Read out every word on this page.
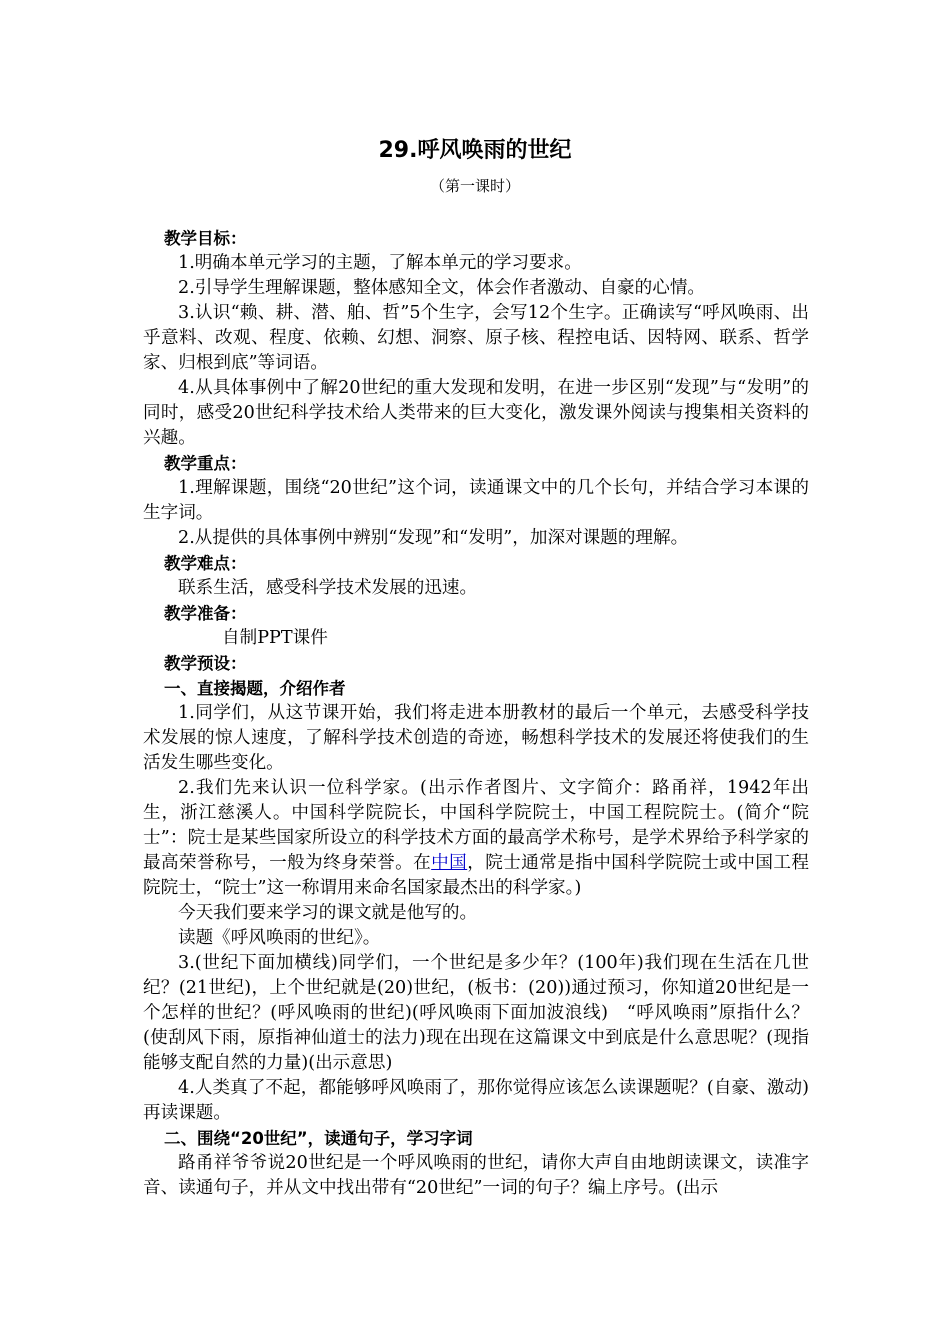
29.呼风唤雨的世纪
（第一课时）

教学目标：

1.明确本单元学习的主题，了解本单元的学习要求。

2.引导学生理解课题，整体感知全文，体会作者激动、自豪的心情。

3.认识“赖、耕、潜、舶、哲”5个生字，会写12个生字。正确读写“呼风唤雨、出乎意料、改观、程度、依赖、幻想、洞察、原子核、程控电话、因特网、联系、哲学家、归根到底”等词语。

4.从具体事例中了解20世纪的重大发现和发明，在进一步区别“发现”与“发明”的同时，感受20世纪科学技术给人类带来的巨大变化，激发课外阅读与搜集相关资料的兴趣。

教学重点：

1.理解课题，围绕“20世纪”这个词，读通课文中的几个长句，并结合学习本课的生字词。

2.从提供的具体事例中辨别“发现”和“发明”，加深对课题的理解。

教学难点：

联系生活，感受科学技术发展的迅速。

教学准备：

自制PPT课件

教学预设：

一、直接揭题，介绍作者

1.同学们，从这节课开始，我们将走进本册教材的最后一个单元，去感受科学技术发展的惊人速度，了解科学技术创造的奇迹，畅想科学技术的发展还将使我们的生活发生哪些变化。

2.我们先来认识一位科学家。(出示作者图片、文字简介：路甬祥，1942年出生，浙江慈溪人。中国科学院院长，中国科学院院士，中国工程院院士。(简介“院士”：院士是某些国家所设立的科学技术方面的最高学术称号，是学术界给予科学家的最高荣誉称号，一般为终身荣誉。在中国，院士通常是指中国科学院院士或中国工程院院士，“院士”这一称谓用来命名国家最杰出的科学家。)

今天我们要来学习的课文就是他写的。

读题《呼风唤雨的世纪》。

3.(世纪下面加横线)同学们，一个世纪是多少年？(100年)我们现在生活在几世纪？(21世纪)，上个世纪就是(20)世纪，(板书：(20))通过预习，你知道20世纪是一个怎样的世纪？(呼风唤雨的世纪)(呼风唤雨下面加波浪线)　“呼风唤雨”原指什么？(使刮风下雨，原指神仙道士的法力)现在出现在这篇课文中到底是什么意思呢？(现指能够支配自然的力量)(出示意思)

4.人类真了不起，都能够呼风唤雨了，那你觉得应该怎么读课题呢？(自豪、激动)再读课题。

二、围绕“20世纪”，读通句子，学习字词

路甬祥爷爷说20世纪是一个呼风唤雨的世纪，请你大声自由地朗读课文，读准字音、读通句子，并从文中找出带有“20世纪”一词的句子？编上序号。(出示
